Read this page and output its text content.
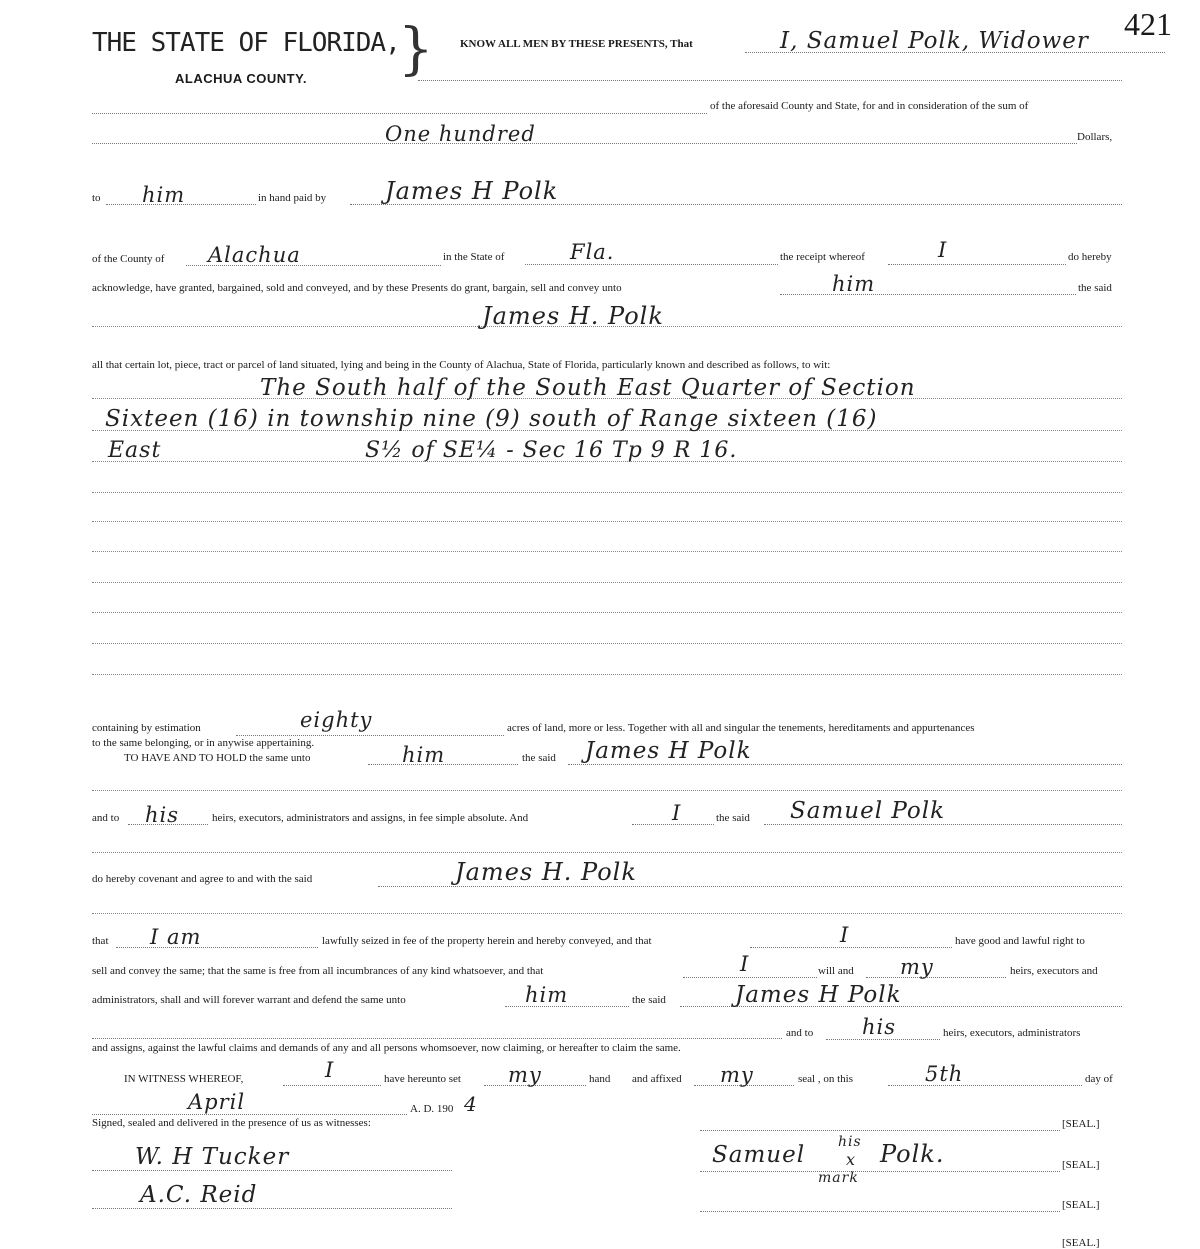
THE STATE OF FLORIDA,
}
ALACHUA COUNTY.
421
KNOW ALL MEN BY THESE PRESENTS, That	I, Samuel Polk, Widower
of the aforesaid County and State, for and in consideration of the sum of
One hundred	Dollars,
to him	in hand paid by James H Polk
of the County of Alachua	in the State of	Fla.	the receipt whereof	I	do hereby
acknowledge, have granted, bargained, sold and conveyed, and by these Presents do grant, bargain, sell and convey unto	him	the said
James H. Polk
all that certain lot, piece, tract or parcel of land situated, lying and being in the County of Alachua, State of Florida, particularly known and described as follows, to wit:
The South half of the South East Quarter of Section
Sixteen (16) in township nine (9) south of Range sixteen (16)
East	S½ of SE¼ - Sec 16 Tp 9 R 16.
containing by estimation	eighty	acres of land, more or less. Together with all and singular the tenements, hereditaments and appurtenances
to the same belonging, or in anywise appertaining.
TO HAVE AND TO HOLD the same unto	him	the said James H Polk
and to his	heirs, executors, administrators and assigns, in fee simple absolute. And	I	the said Samuel Polk
do hereby covenant and agree to and with the said	James H. Polk
that I am	lawfully seized in fee of the property herein and hereby conveyed, and that	I	have good and lawful right to
sell and convey the same; that the same is free from all incumbrances of any kind whatsoever, and that	I	will and my	heirs, executors and
administrators, shall and will forever warrant and defend the same unto	him	the said	James H Polk
and to his	heirs, executors, administrators
and assigns, against the lawful claims and demands of any and all persons whomsoever, now claiming, or hereafter to claim the same.
IN WITNESS WHEREOF,	I	have hereunto set my	hand and affixed my	seal , on this	5th	day of
April	A. D. 190 4
Signed, sealed and delivered in the presence of us as witnesses:	[SEAL.]
W. H Tucker	Samuel his
x Polk.
mark
[SEAL.]
A.C. Reid	[SEAL.]
[SEAL.]
